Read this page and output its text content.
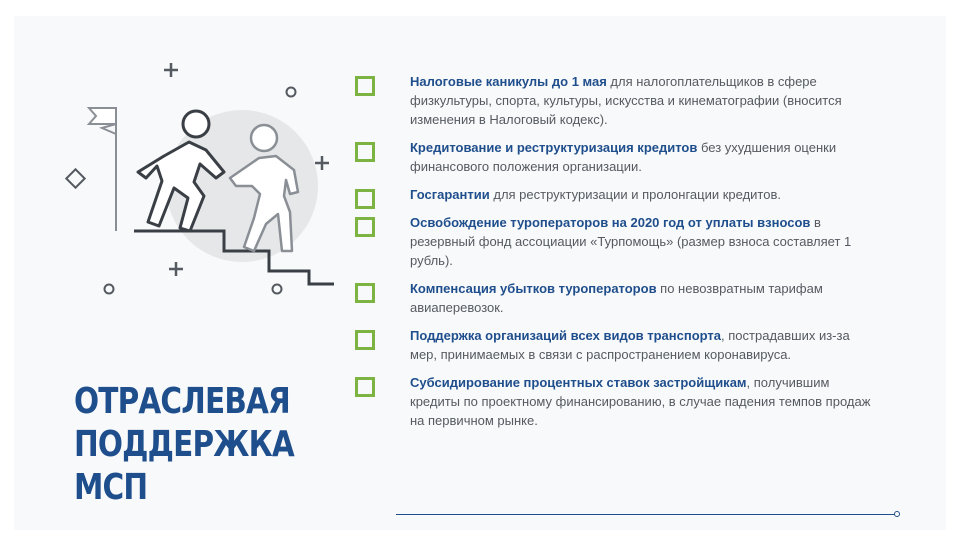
ОТРАСЛЕВАЯ
ПОДДЕРЖКА
МСП
Налоговые каникулы до 1 мая для налогоплательщиков в сфере физкультуры, спорта, культуры, искусства и кинематографии (вносится изменения в Налоговый кодекс).
Кредитование и реструктуризация кредитов без ухудшения оценки финансового положения организации.
Госгарантии для реструктуризации и пролонгации кредитов.
Освобождение туроператоров на 2020 год от уплаты взносов в резервный фонд ассоциации «Турпомощь» (размер взноса составляет 1 рубль).
Компенсация убытков туроператоров по невозвратным тарифам авиаперевозок.
Поддержка организаций всех видов транспорта, пострадавших из-за мер, принимаемых в связи с распространением коронавируса.
Субсидирование процентных ставок застройщикам, получившим кредиты по проектному финансированию, в случае падения темпов продаж на первичном рынке.
